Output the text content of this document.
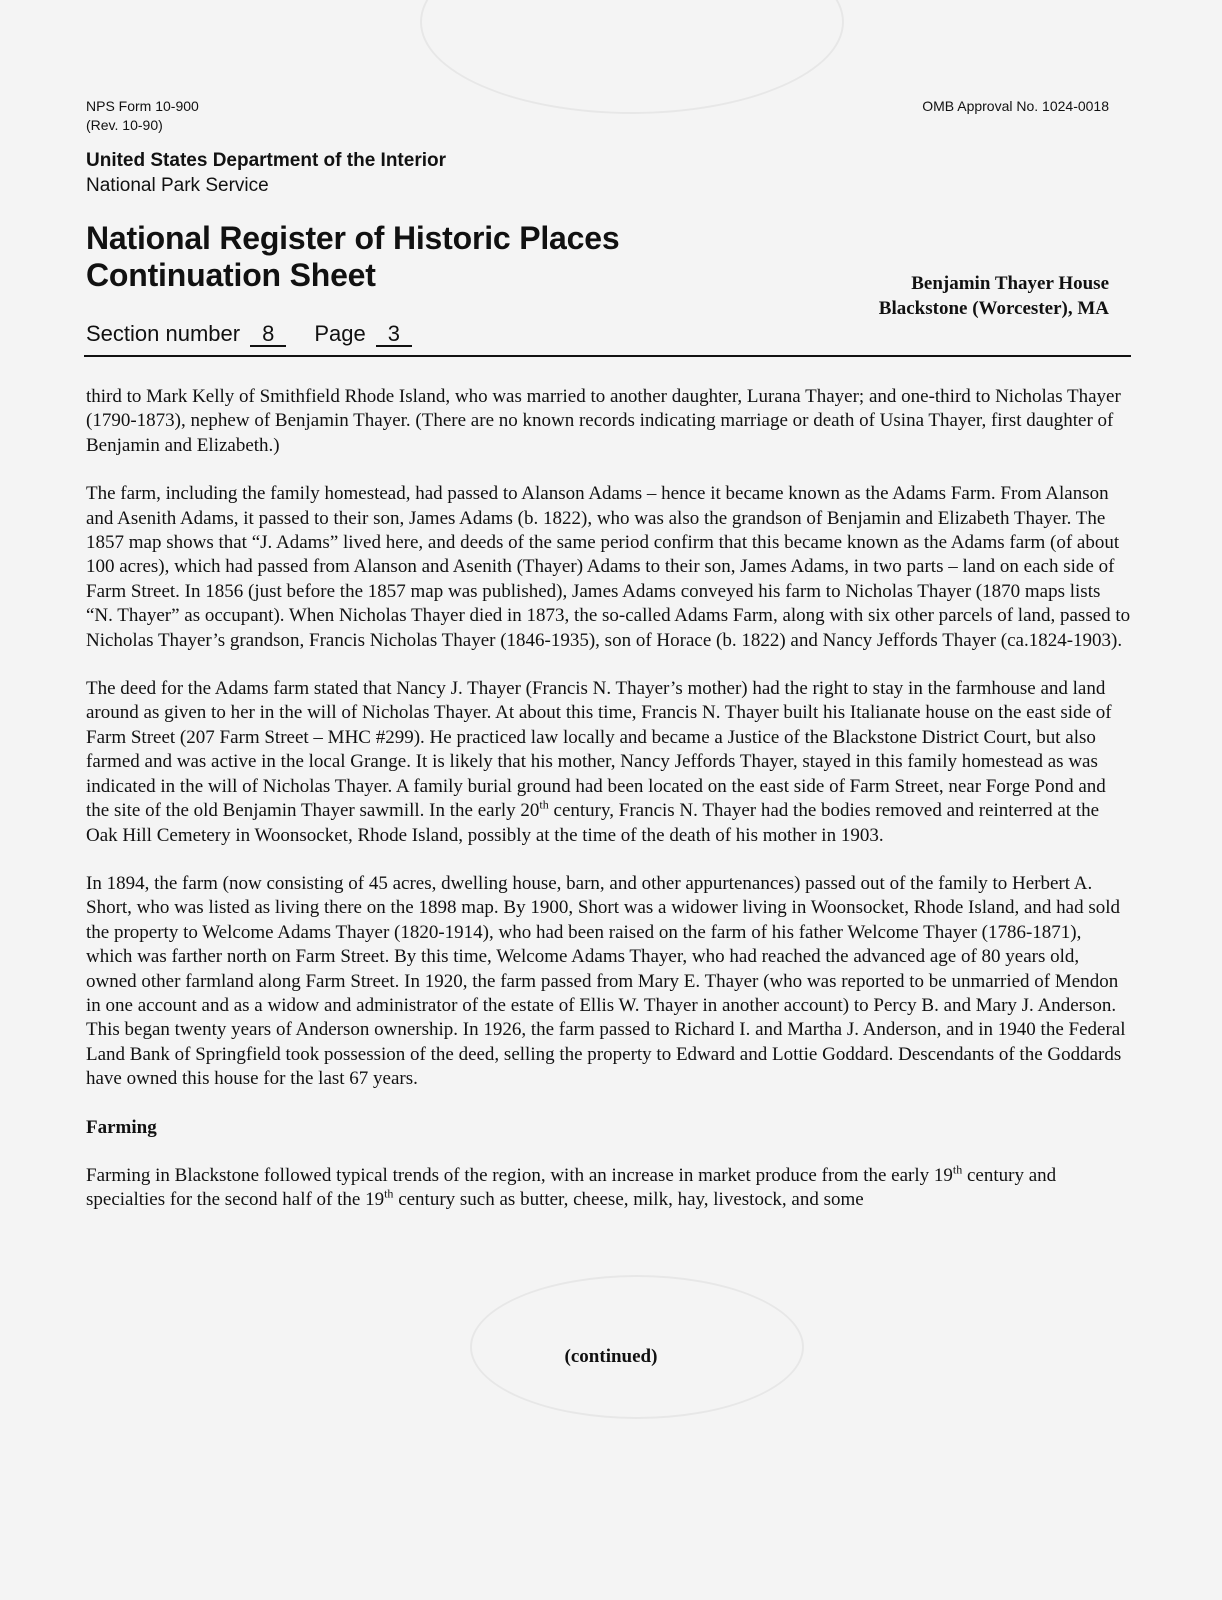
NPS Form 10-900
(Rev. 10-90)
OMB Approval No. 1024-0018
United States Department of the Interior
National Park Service
National Register of Historic Places
Continuation Sheet	Benjamin Thayer House
Blackstone (Worcester), MA
Section number 8 Page 3

third to Mark Kelly of Smithfield Rhode Island, who was married to another daughter, Lurana Thayer; and one-third to Nicholas Thayer (1790-1873), nephew of Benjamin Thayer. (There are no known records indicating marriage or death of Usina Thayer, first daughter of Benjamin and Elizabeth.)

The farm, including the family homestead, had passed to Alanson Adams – hence it became known as the Adams Farm. From Alanson and Asenith Adams, it passed to their son, James Adams (b. 1822), who was also the grandson of Benjamin and Elizabeth Thayer. The 1857 map shows that “J. Adams” lived here, and deeds of the same period confirm that this became known as the Adams farm (of about 100 acres), which had passed from Alanson and Asenith (Thayer) Adams to their son, James Adams, in two parts – land on each side of Farm Street. In 1856 (just before the 1857 map was published), James Adams conveyed his farm to Nicholas Thayer (1870 maps lists “N. Thayer” as occupant). When Nicholas Thayer died in 1873, the so-called Adams Farm, along with six other parcels of land, passed to Nicholas Thayer’s grandson, Francis Nicholas Thayer (1846-1935), son of Horace (b. 1822) and Nancy Jeffords Thayer (ca.1824-1903).

The deed for the Adams farm stated that Nancy J. Thayer (Francis N. Thayer’s mother) had the right to stay in the farmhouse and land around as given to her in the will of Nicholas Thayer. At about this time, Francis N. Thayer built his Italianate house on the east side of Farm Street (207 Farm Street – MHC #299). He practiced law locally and became a Justice of the Blackstone District Court, but also farmed and was active in the local Grange. It is likely that his mother, Nancy Jeffords Thayer, stayed in this family homestead as was indicated in the will of Nicholas Thayer. A family burial ground had been located on the east side of Farm Street, near Forge Pond and the site of the old Benjamin Thayer sawmill. In the early 20th century, Francis N. Thayer had the bodies removed and reinterred at the Oak Hill Cemetery in Woonsocket, Rhode Island, possibly at the time of the death of his mother in 1903.

In 1894, the farm (now consisting of 45 acres, dwelling house, barn, and other appurtenances) passed out of the family to Herbert A. Short, who was listed as living there on the 1898 map. By 1900, Short was a widower living in Woonsocket, Rhode Island, and had sold the property to Welcome Adams Thayer (1820-1914), who had been raised on the farm of his father Welcome Thayer (1786-1871), which was farther north on Farm Street. By this time, Welcome Adams Thayer, who had reached the advanced age of 80 years old, owned other farmland along Farm Street. In 1920, the farm passed from Mary E. Thayer (who was reported to be unmarried of Mendon in one account and as a widow and administrator of the estate of Ellis W. Thayer in another account) to Percy B. and Mary J. Anderson. This began twenty years of Anderson ownership. In 1926, the farm passed to Richard I. and Martha J. Anderson, and in 1940 the Federal Land Bank of Springfield took possession of the deed, selling the property to Edward and Lottie Goddard. Descendants of the Goddards have owned this house for the last 67 years.

Farming

Farming in Blackstone followed typical trends of the region, with an increase in market produce from the early 19th century and specialties for the second half of the 19th century such as butter, cheese, milk, hay, livestock, and some

(continued)
